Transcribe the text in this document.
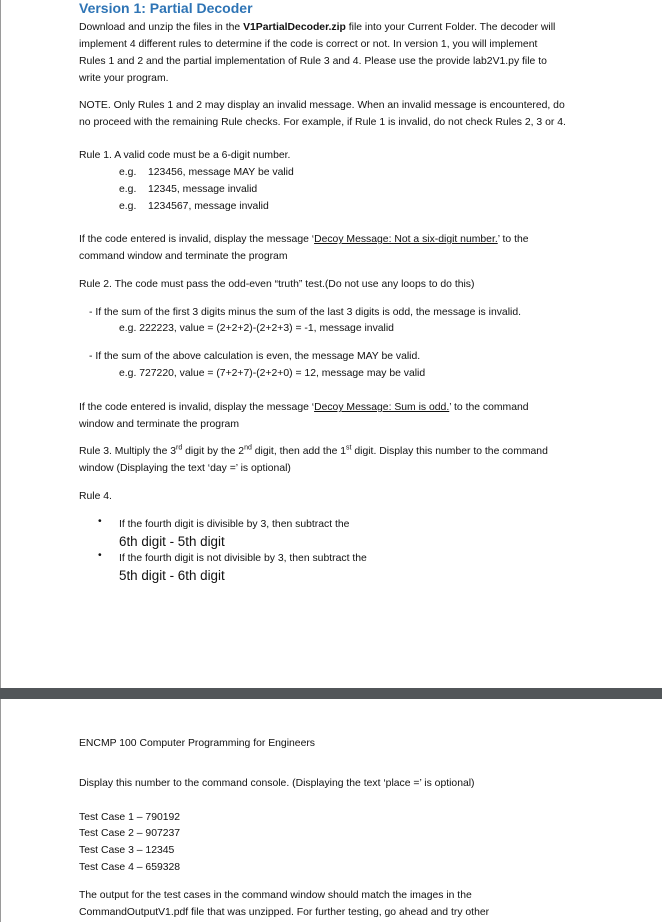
Version 1: Partial Decoder

Download and unzip the files in the V1PartialDecoder.zip file into your Current Folder. The decoder will
implement 4 different rules to determine if the code is correct or not. In version 1, you will implement
Rules 1 and 2 and the partial implementation of Rule 3 and 4. Please use the provide lab2V1.py file to
write your program.

NOTE. Only Rules 1 and 2 may display an invalid message. When an invalid message is encountered, do
no proceed with the remaining Rule checks. For example, if Rule 1 is invalid, do not check Rules 2, 3 or 4.

Rule 1. A valid code must be a 6-digit number.

e.g. 123456, message MAY be valid
e.g. 12345, message invalid
e.g. 1234567, message invalid

If the code entered is invalid, display the message ‘Decoy Message: Not a six-digit number.’ to the
command window and terminate the program

Rule 2. The code must pass the odd-even “truth” test.(Do not use any loops to do this)

- If the sum of the first 3 digits minus the sum of the last 3 digits is odd, the message is invalid.
e.g. 222223, value = (2+2+2)-(2+2+3) = -1, message invalid
- If the sum of the above calculation is even, the message MAY be valid.
e.g. 727220, value = (7+2+7)-(2+2+0) = 12, message may be valid

If the code entered is invalid, display the message ‘Decoy Message: Sum is odd.’ to the command
window and terminate the program

Rule 3. Multiply the 3rd digit by the 2nd digit, then add the 1st digit. Display this number to the command
window (Displaying the text ‘day =’ is optional)

Rule 4.

• If the fourth digit is divisible by 3, then subtract the
6th digit - 5th digit
• If the fourth digit is not divisible by 3, then subtract the
5th digit - 6th digit

ENCMP 100 Computer Programming for Engineers

Display this number to the command console. (Displaying the text ‘place =’ is optional)

Test Case 1 – 790192
Test Case 2 – 907237
Test Case 3 – 12345
Test Case 4 – 659328

The output for the test cases in the command window should match the images in the
CommandOutputV1.pdf file that was unzipped. For further testing, go ahead and try other
